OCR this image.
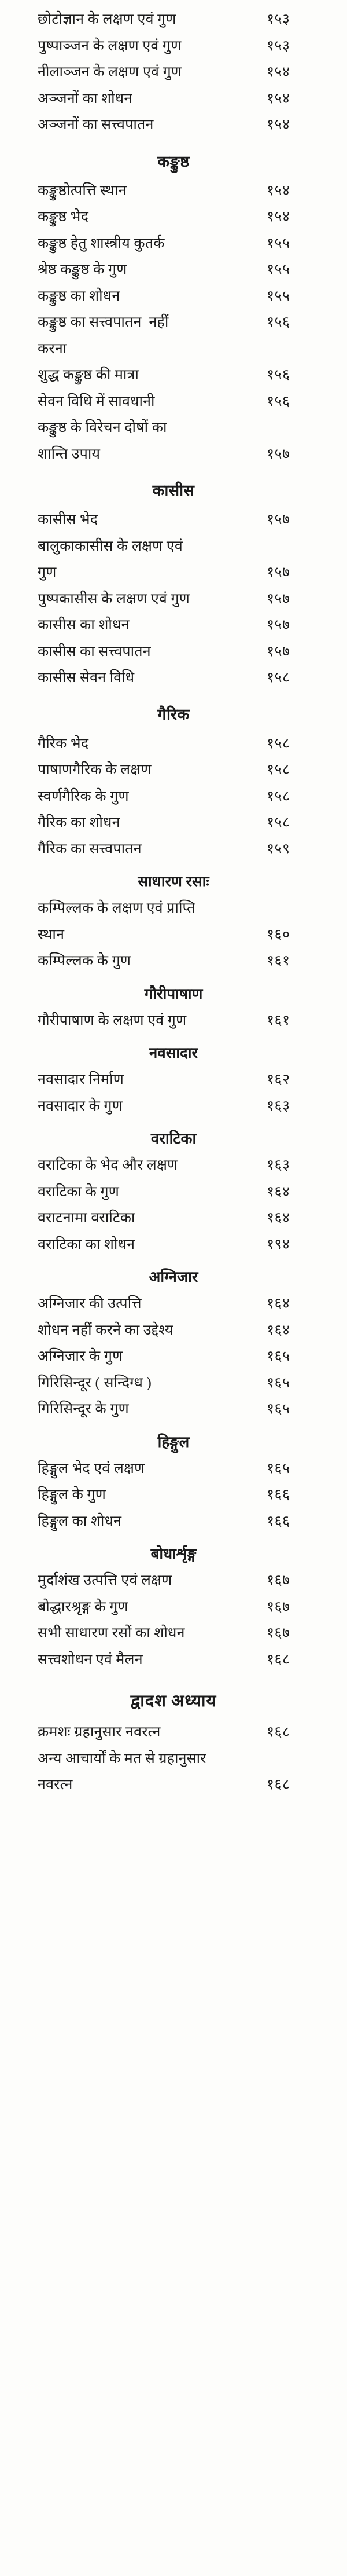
छोटोज्ञान के लक्षण एवं गुण	१५३
पुष्पाञ्जन के लक्षण एवं गुण	१५३
नीलाञ्जन के लक्षण एवं गुण	१५४
अञ्जनों का शोधन	१५४
अञ्जनों का सत्त्वपातन	१५४
कङ्कुष्ठ
कङ्कुष्ठोत्पत्ति स्थान	१५४
कङ्कुष्ठ भेद	१५४
कङ्कुष्ठ हेतु शास्त्रीय कुतर्क	१५५
श्रेष्ठ कङ्कुष्ठ के गुण	१५५
कङ्कुष्ठ का शोधन	१५५
कङ्कुष्ठ का सत्त्वपातन  नहीं	१५६
करना
शुद्ध कङ्कुष्ठ की मात्रा	१५६
सेवन विधि में सावधानी	१५६
कङ्कुष्ठ के विरेचन दोषों का
शान्ति उपाय	१५७
कासीस
कासीस भेद	१५७
बालुकाकासीस के लक्षण एवं
गुण	१५७
पुष्पकासीस के लक्षण एवं गुण	१५७
कासीस का शोधन	१५७
कासीस का सत्त्वपातन	१५७
कासीस सेवन विधि	१५८
गैरिक
गैरिक भेद	१५८
पाषाणगैरिक के लक्षण	१५८
स्वर्णगैरिक के गुण	१५८
गैरिक का शोधन	१५८
गैरिक का सत्त्वपातन	१५९
साधारण रसाः
कम्पिल्लक के लक्षण एवं प्राप्ति
स्थान	१६०
कम्पिल्लक के गुण	१६१
गौरीपाषाण
गौरीपाषाण के लक्षण एवं गुण	१६१
नवसादार
नवसादार निर्माण	१६२
नवसादार के गुण	१६३
वराटिका
वराटिका के भेद और लक्षण	१६३
वराटिका के गुण	१६४
वराटनामा वराटिका	१६४
वराटिका का शोधन	१९४
अग्निजार
अग्निजार की उत्पत्ति	१६४
शोधन नहीं करने का उद्देश्य	१६४
अग्निजार के गुण	१६५
गिरिसिन्दूर ( सन्दिग्ध )	१६५
गिरिसिन्दूर के गुण	१६५
हिङ्गुल
हिङ्गुल भेद एवं लक्षण	१६५
हिङ्गुल के गुण	१६६
हिङ्गुल का शोधन	१६६
बोधार्शृङ्ग
मुर्दाशंख उत्पत्ति एवं लक्षण	१६७
बोद्धारश्रृङ्ग के गुण	१६७
सभी साधारण रसों का शोधन	१६७
सत्त्वशोधन एवं मैलन	१६८
द्वादश अध्याय
क्रमशः ग्रहानुसार नवरत्न	१६८
अन्य आचार्यों के मत से ग्रहानुसार
नवरत्न	१६८
